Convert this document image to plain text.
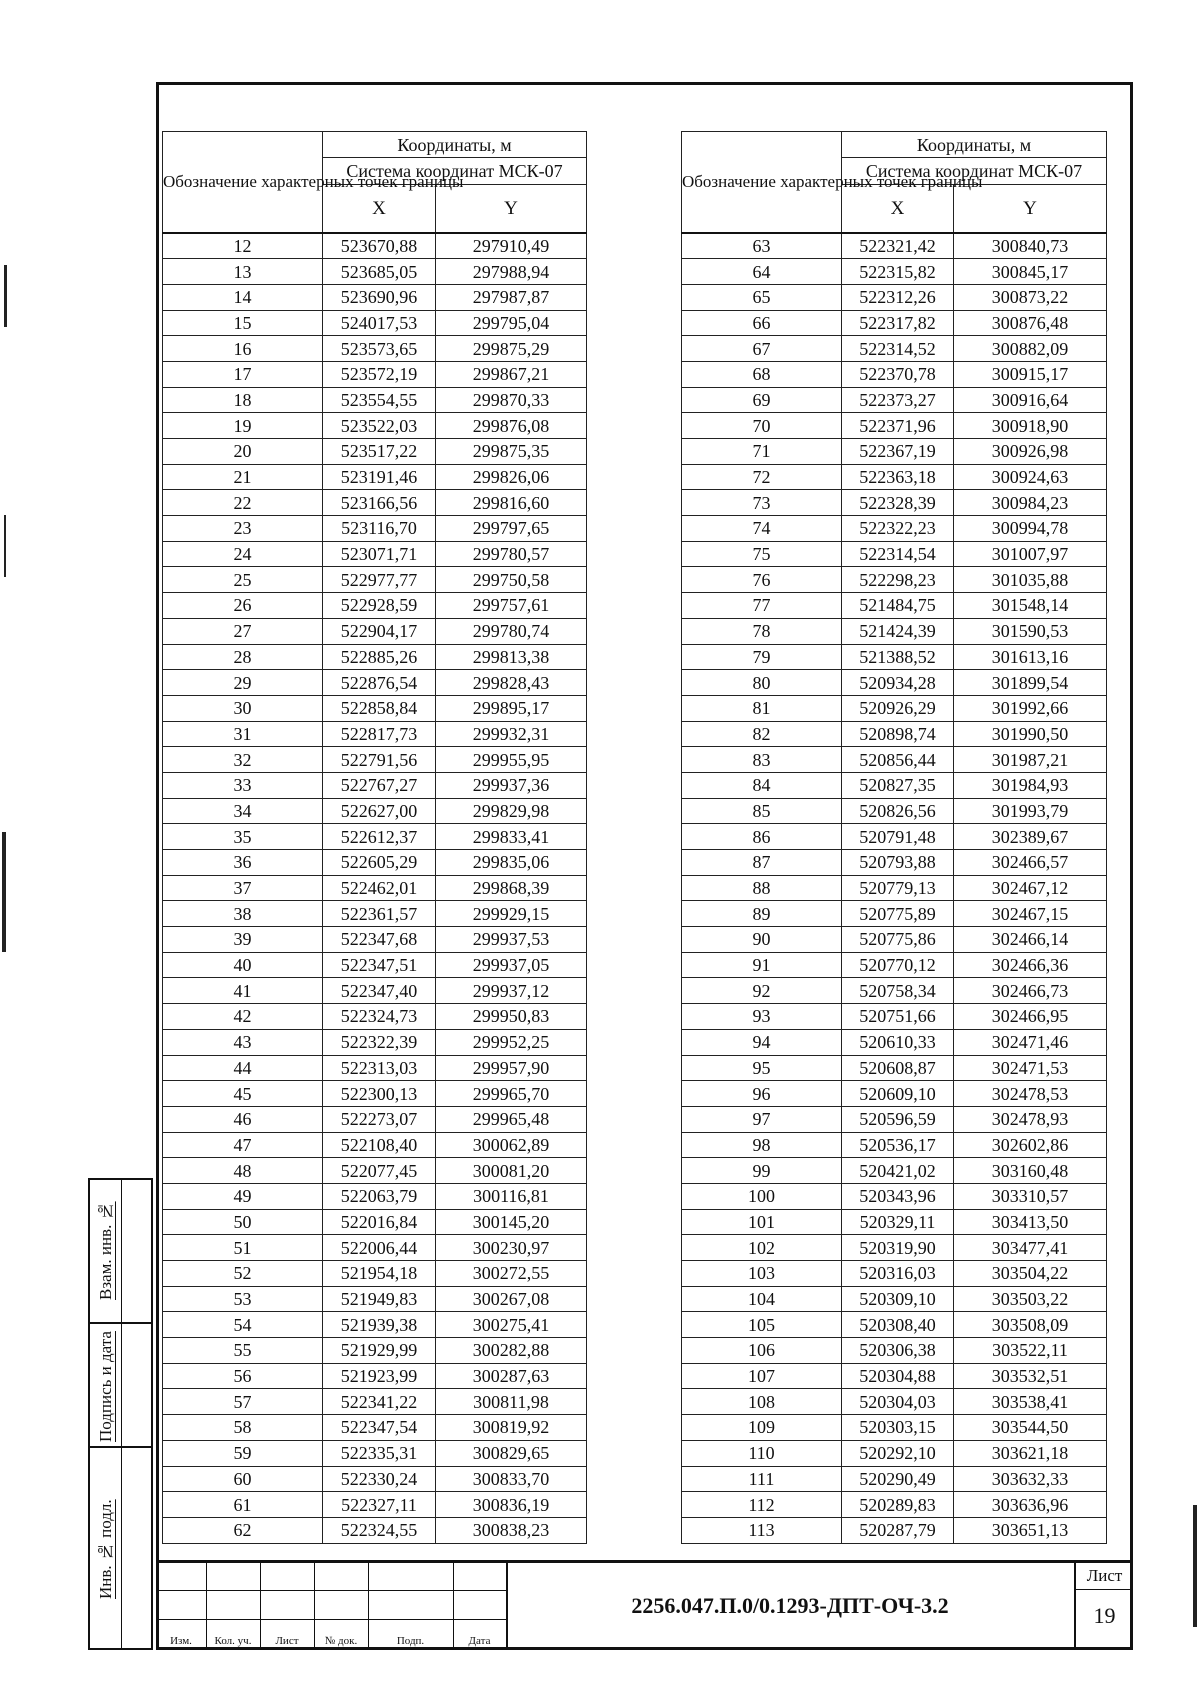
Обозначение характерных точек границы	Координаты, м	
	Система координат МСК-07	
	X	Y
12	523670,88	297910,49
13	523685,05	297988,94
14	523690,96	297987,87
15	524017,53	299795,04
16	523573,65	299875,29
17	523572,19	299867,21
18	523554,55	299870,33
19	523522,03	299876,08
20	523517,22	299875,35
21	523191,46	299826,06
22	523166,56	299816,60
23	523116,70	299797,65
24	523071,71	299780,57
25	522977,77	299750,58
26	522928,59	299757,61
27	522904,17	299780,74
28	522885,26	299813,38
29	522876,54	299828,43
30	522858,84	299895,17
31	522817,73	299932,31
32	522791,56	299955,95
33	522767,27	299937,36
34	522627,00	299829,98
35	522612,37	299833,41
36	522605,29	299835,06
37	522462,01	299868,39
38	522361,57	299929,15
39	522347,68	299937,53
40	522347,51	299937,05
41	522347,40	299937,12
42	522324,73	299950,83
43	522322,39	299952,25
44	522313,03	299957,90
45	522300,13	299965,70
46	522273,07	299965,48
47	522108,40	300062,89
48	522077,45	300081,20
49	522063,79	300116,81
50	522016,84	300145,20
51	522006,44	300230,97
52	521954,18	300272,55
53	521949,83	300267,08
54	521939,38	300275,41
55	521929,99	300282,88
56	521923,99	300287,63
57	522341,22	300811,98
58	522347,54	300819,92
59	522335,31	300829,65
60	522330,24	300833,70
61	522327,11	300836,19
62	522324,55	300838,23
Обозначение характерных точек границы	Координаты, м	
	Система координат МСК-07	
	X	Y
63	522321,42	300840,73
64	522315,82	300845,17
65	522312,26	300873,22
66	522317,82	300876,48
67	522314,52	300882,09
68	522370,78	300915,17
69	522373,27	300916,64
70	522371,96	300918,90
71	522367,19	300926,98
72	522363,18	300924,63
73	522328,39	300984,23
74	522322,23	300994,78
75	522314,54	301007,97
76	522298,23	301035,88
77	521484,75	301548,14
78	521424,39	301590,53
79	521388,52	301613,16
80	520934,28	301899,54
81	520926,29	301992,66
82	520898,74	301990,50
83	520856,44	301987,21
84	520827,35	301984,93
85	520826,56	301993,79
86	520791,48	302389,67
87	520793,88	302466,57
88	520779,13	302467,12
89	520775,89	302467,15
90	520775,86	302466,14
91	520770,12	302466,36
92	520758,34	302466,73
93	520751,66	302466,95
94	520610,33	302471,46
95	520608,87	302471,53
96	520609,10	302478,53
97	520596,59	302478,93
98	520536,17	302602,86
99	520421,02	303160,48
100	520343,96	303310,57
101	520329,11	303413,50
102	520319,90	303477,41
103	520316,03	303504,22
104	520309,10	303503,22
105	520308,40	303508,09
106	520306,38	303522,11
107	520304,88	303532,51
108	520304,03	303538,41
109	520303,15	303544,50
110	520292,10	303621,18
111	520290,49	303632,33
112	520289,83	303636,96
113	520287,79	303651,13
Взам. инв. №
Подпись и дата
Инв. № подл.
Изм.	Кол. уч.	Лист	№ док.	Подп.	Дата
2256.047.П.0/0.1293-ДПТ-ОЧ-3.2
Лист
19
